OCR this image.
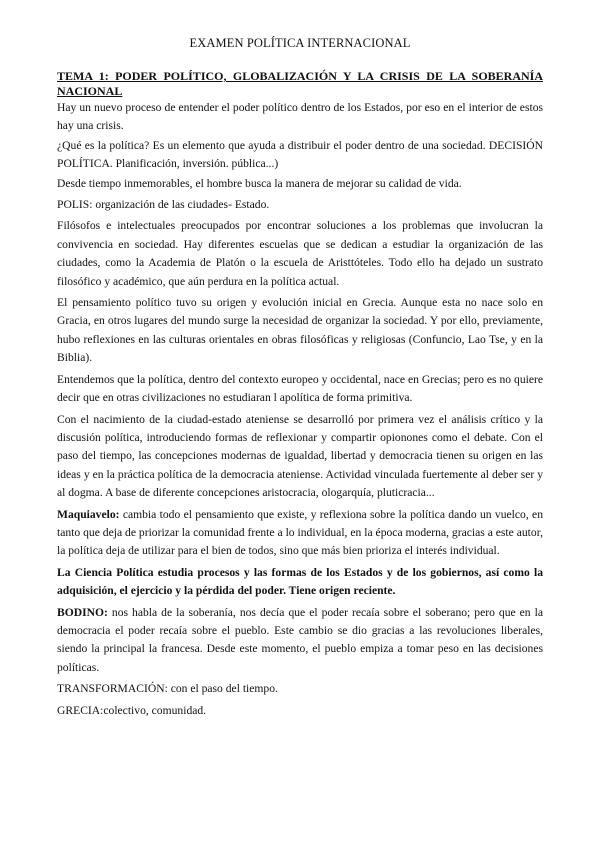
EXAMEN POLÍTICA INTERNACIONAL
TEMA 1: PODER POLÍTICO, GLOBALIZACIÓN Y LA CRISIS DE LA SOBERANÍA NACIONAL

Hay un nuevo proceso de entender el poder político dentro de los Estados, por eso en el interior de estos hay una crisis.

¿Qué es la política? Es un elemento que ayuda a distribuir el poder dentro de una sociedad. DECISIÓN POLÍTICA. Planificación, inversión. pública...)

Desde tiempo inmemorables, el hombre busca la manera de mejorar su calidad de vida.

POLIS: organización de las ciudades- Estado.

Filósofos e intelectuales preocupados por encontrar soluciones a los problemas que involucran la convivencia en sociedad. Hay diferentes escuelas que se dedican a estudiar la organización de las ciudades, como la Academia de Platón o la escuela de Aristtóteles. Todo ello ha dejado un sustrato filosófico y académico, que aún perdura en la política actual.

El pensamiento político tuvo su origen y evolución inicial en Grecia. Aunque esta no nace solo en Gracia, en otros lugares del mundo surge la necesidad de organizar la sociedad. Y por ello, previamente, hubo reflexiones en las culturas orientales en obras filosóficas y religiosas (Confuncio, Lao Tse, y en la Biblia).

Entendemos que la política, dentro del contexto europeo y occidental, nace en Grecias; pero es no quiere decir que en otras civilizaciones no estudiaran l apolítica de forma primitiva.

Con el nacimiento de la ciudad-estado ateniense se desarrolló por primera vez el análisis crítico y la discusión política, introduciendo formas de reflexionar y compartir opionones como el debate. Con el paso del tiempo, las concepciones modernas de igualdad, libertad y democracia tienen su origen en las ideas y en la práctica política de la democracia ateniense. Actividad vinculada fuertemente al deber ser y al dogma. A base de diferente concepciones aristocracia, ologarquía, pluticracia...

Maquiavelo: cambia todo el pensamiento que existe, y reflexiona sobre la política dando un vuelco, en tanto que deja de priorizar la comunidad frente a lo individual, en la época moderna, gracias a este autor, la política deja de utilizar para el bien de todos, sino que más bien prioriza el interés individual.

La Ciencia Política estudia procesos y las formas de los Estados y de los gobiernos, así como la adquisición, el ejercicio y la pérdida del poder. Tiene origen reciente.

BODINO: nos habla de la soberanía, nos decía que el poder recaía sobre el soberano; pero que en la democracia el poder recaía sobre el pueblo. Este cambio se dio gracias a las revoluciones liberales, siendo la principal la francesa. Desde este momento, el pueblo empiza a tomar peso en las decisiones políticas.

TRANSFORMACIÓN: con el paso del tiempo.

GRECIA:colectivo, comunidad.
